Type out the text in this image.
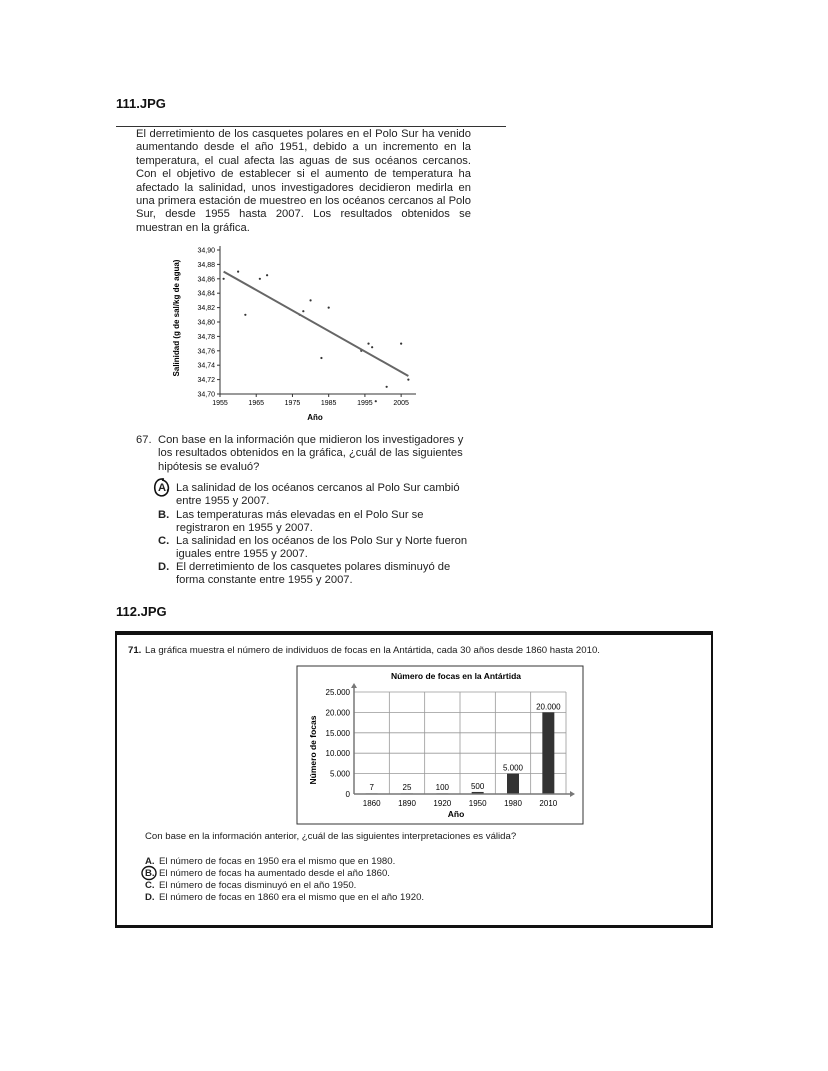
111.JPG
El derretimiento de los casquetes polares en el Polo Sur ha venido aumentando desde el año 1951, debido a un incremento en la temperatura, el cual afecta las aguas de sus océanos cercanos. Con el objetivo de establecer si el aumento de temperatura ha afectado la salinidad, unos investigadores decidieron medirla en una primera estación de muestreo en los océanos cercanos al Polo Sur, desde 1955 hasta 2007. Los resultados obtenidos se muestran en la gráfica.
34,70
34,72
34,74
34,76
34,78
34,80
34,82
34,84
34,86
34,88
34,90
1955	1965	1975	1985	1995	2005
Salinidad (g de sal/kg de agua)
Año
67. Con base en la información que midieron los investigadores y los resultados obtenidos en la gráfica, ¿cuál de las siguientes hipótesis se evaluó?
A. La salinidad de los océanos cercanos al Polo Sur cambió entre 1955 y 2007.
B. Las temperaturas más elevadas en el Polo Sur se registraron en 1955 y 2007.
C. La salinidad en los océanos de los Polo Sur y Norte fueron iguales entre 1955 y 2007.
D. El derretimiento de los casquetes polares disminuyó de forma constante entre 1955 y 2007.
112.JPG
71. La gráfica muestra el número de individuos de focas en la Antártida, cada 30 años desde 1860 hasta 2010.
Número de focas en la Antártida
0
5.000
10.000
15.000
20.000
25.000
1860 1890 1920 1950 1980 2010
7	25	100	500
5.000
20.000
Número de focas
Año
Con base en la información anterior, ¿cuál de las siguientes interpretaciones es válida?
A. El número de focas en 1950 era el mismo que en 1980.
B. El número de focas ha aumentado desde el año 1860.
C. El número de focas disminuyó en el año 1950.
D. El número de focas en 1860 era el mismo que en el año 1920.
